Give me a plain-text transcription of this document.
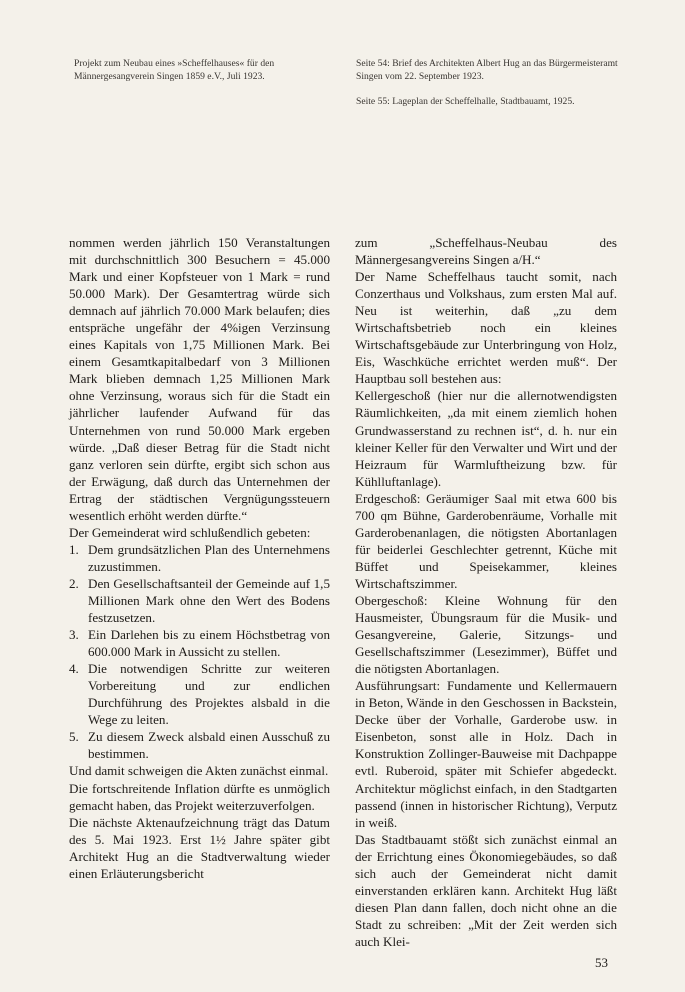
Projekt zum Neubau eines »Scheffelhauses« für den Männergesangverein Singen 1859 e.V., Juli 1923.

Seite 54: Brief des Architekten Albert Hug an das Bürgermeisteramt Singen vom 22. September 1923.

Seite 55: Lageplan der Scheffelhalle, Stadtbauamt, 1925.

nommen werden jährlich 150 Veranstaltungen mit durchschnittlich 300 Besuchern = 45.000 Mark und einer Kopfsteuer von 1 Mark = rund 50.000 Mark). Der Gesamtertrag würde sich demnach auf jährlich 70.000 Mark belaufen; dies entspräche ungefähr der 4%igen Verzinsung eines Kapitals von 1,75 Millionen Mark. Bei einem Gesamtkapitalbedarf von 3 Millionen Mark blieben demnach 1,25 Millionen Mark ohne Verzinsung, woraus sich für die Stadt ein jährlicher laufender Aufwand für das Unternehmen von rund 50.000 Mark ergeben würde. „Daß dieser Betrag für die Stadt nicht ganz verloren sein dürfte, ergibt sich schon aus der Erwägung, daß durch das Unternehmen der Ertrag der städtischen Vergnügungssteuern wesentlich erhöht werden dürfte.“

Der Gemeinderat wird schlußendlich gebeten:

1. Dem grundsätzlichen Plan des Unternehmens zuzustimmen.
2. Den Gesellschaftsanteil der Gemeinde auf 1,5 Millionen Mark ohne den Wert des Bodens festzusetzen.
3. Ein Darlehen bis zu einem Höchstbetrag von 600.000 Mark in Aussicht zu stellen.
4. Die notwendigen Schritte zur weiteren Vorbereitung und zur endlichen Durchführung des Projektes alsbald in die Wege zu leiten.
5. Zu diesem Zweck alsbald einen Ausschuß zu bestimmen.

Und damit schweigen die Akten zunächst einmal.

Die fortschreitende Inflation dürfte es unmöglich gemacht haben, das Projekt weiterzuverfolgen.

Die nächste Aktenaufzeichnung trägt das Datum des 5. Mai 1923. Erst 1½ Jahre später gibt Architekt Hug an die Stadtverwaltung wieder einen Erläuterungsbericht

zum „Scheffelhaus-Neubau des Männergesangvereins Singen a/H.“

Der Name Scheffelhaus taucht somit, nach Conzerthaus und Volkshaus, zum ersten Mal auf. Neu ist weiterhin, daß „zu dem Wirtschaftsbetrieb noch ein kleines Wirtschaftsgebäude zur Unterbringung von Holz, Eis, Waschküche errichtet werden muß“. Der Hauptbau soll bestehen aus:

Kellergeschoß (hier nur die allernotwendigsten Räumlichkeiten, „da mit einem ziemlich hohen Grundwasserstand zu rechnen ist“, d. h. nur ein kleiner Keller für den Verwalter und Wirt und der Heizraum für Warmluftheizung bzw. für Kühlluftanlage).

Erdgeschoß: Geräumiger Saal mit etwa 600 bis 700 qm Bühne, Garderobenräume, Vorhalle mit Garderobenanlagen, die nötigsten Abortanlagen für beiderlei Geschlechter getrennt, Küche mit Büffet und Speisekammer, kleines Wirtschaftszimmer.

Obergeschoß: Kleine Wohnung für den Hausmeister, Übungsraum für die Musik- und Gesangvereine, Galerie, Sitzungs- und Gesellschaftszimmer (Lesezimmer), Büffet und die nötigsten Abortanlagen.

Ausführungsart: Fundamente und Kellermauern in Beton, Wände in den Geschossen in Backstein, Decke über der Vorhalle, Garderobe usw. in Eisenbeton, sonst alle in Holz. Dach in Konstruktion Zollinger-Bauweise mit Dachpappe evtl. Ruberoid, später mit Schiefer abgedeckt. Architektur möglichst einfach, in den Stadtgarten passend (innen in historischer Richtung), Verputz in weiß.

Das Stadtbauamt stößt sich zunächst einmal an der Errichtung eines Ökonomiegebäudes, so daß sich auch der Gemeinderat nicht damit einverstanden erklären kann. Architekt Hug läßt diesen Plan dann fallen, doch nicht ohne an die Stadt zu schreiben: „Mit der Zeit werden sich auch Klei-

53
